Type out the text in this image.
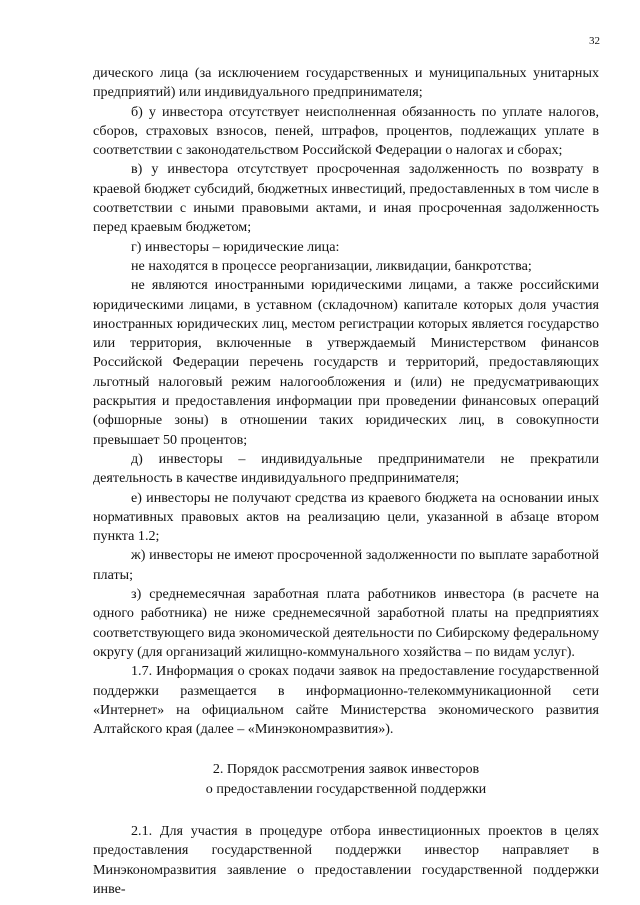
32

дического лица (за исключением государственных и муниципальных унитарных предприятий) или индивидуального предпринимателя;

б) у инвестора отсутствует неисполненная обязанность по уплате налогов, сборов, страховых взносов, пеней, штрафов, процентов, подлежащих уплате в соответствии с законодательством Российской Федерации о налогах и сборах;

в) у инвестора отсутствует просроченная задолженность по возврату в краевой бюджет субсидий, бюджетных инвестиций, предоставленных в том числе в соответствии с иными правовыми актами, и иная просроченная задолженность перед краевым бюджетом;

г) инвесторы – юридические лица:

не находятся в процессе реорганизации, ликвидации, банкротства;

не являются иностранными юридическими лицами, а также российскими юридическими лицами, в уставном (складочном) капитале которых доля участия иностранных юридических лиц, местом регистрации которых является государство или территория, включенные в утверждаемый Министерством финансов Российской Федерации перечень государств и территорий, предоставляющих льготный налоговый режим налогообложения и (или) не предусматривающих раскрытия и предоставления информации при проведении финансовых операций (офшорные зоны) в отношении таких юридических лиц, в совокупности превышает 50 процентов;

д) инвесторы – индивидуальные предприниматели не прекратили деятельность в качестве индивидуального предпринимателя;

е) инвесторы не получают средства из краевого бюджета на основании иных нормативных правовых актов на реализацию цели, указанной в абзаце втором пункта 1.2;

ж) инвесторы не имеют просроченной задолженности по выплате заработной платы;

з) среднемесячная заработная плата работников инвестора (в расчете на одного работника) не ниже среднемесячной заработной платы на предприятиях соответствующего вида экономической деятельности по Сибирскому федеральному округу (для организаций жилищно-коммунального хозяйства – по видам услуг).

1.7. Информация о сроках подачи заявок на предоставление государственной поддержки размещается в информационно-телекоммуникационной сети «Интернет» на официальном сайте Министерства экономического развития Алтайского края (далее – «Минэкономразвития»).

2. Порядок рассмотрения заявок инвесторов
о предоставлении государственной поддержки

2.1. Для участия в процедуре отбора инвестиционных проектов в целях предоставления государственной поддержки инвестор направляет в Минэкономразвития заявление о предоставлении государственной поддержки инве-
